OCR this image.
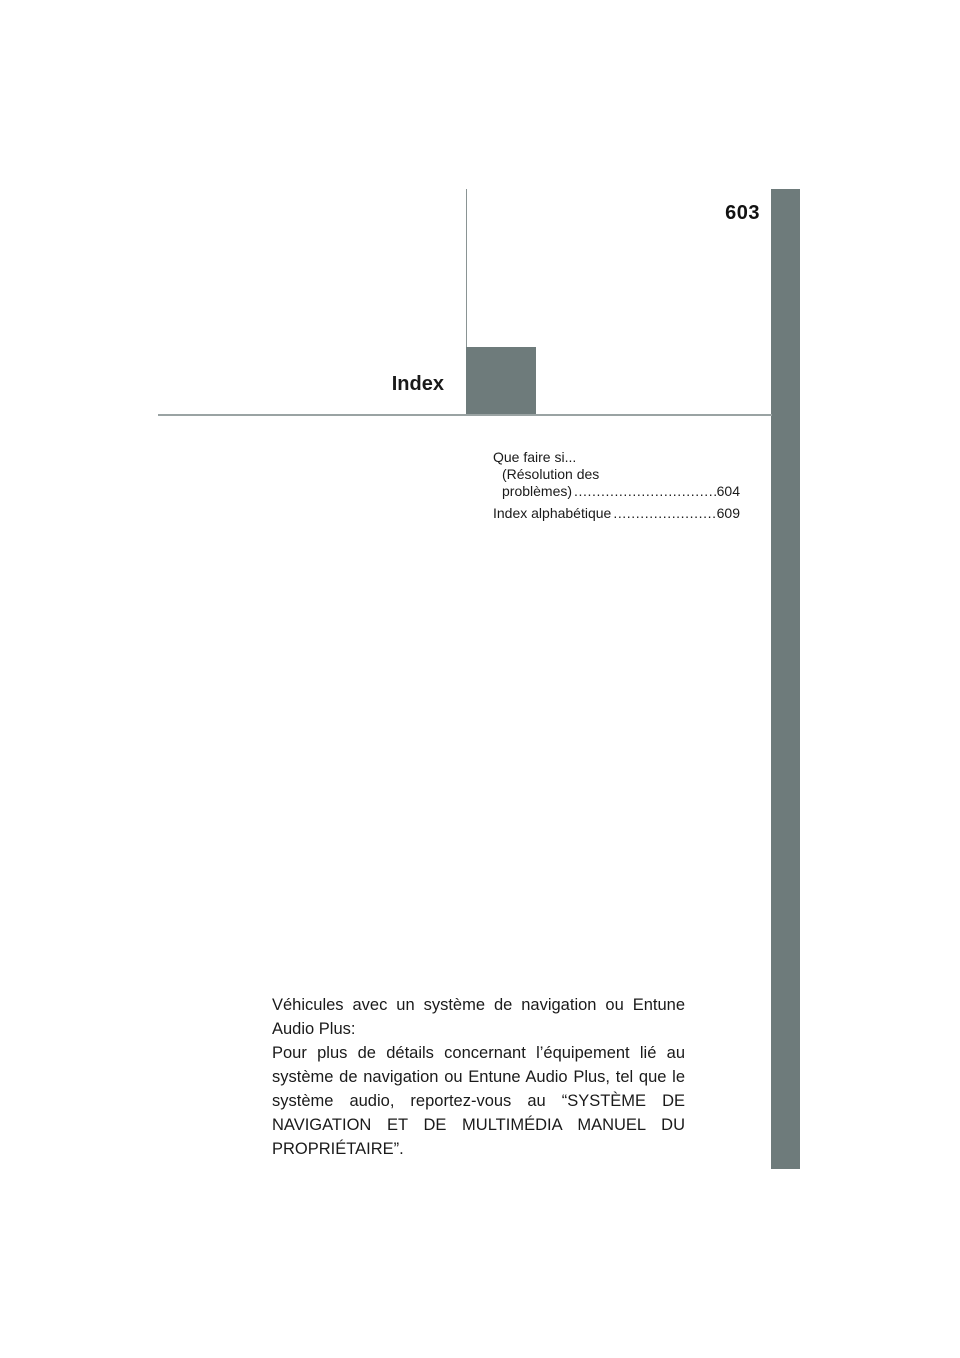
603
Index
Que faire si...
(Résolution des
problèmes) .....	604
Index alphabétique .....	609

Véhicules avec un système de navigation ou Entune Audio Plus:

Pour plus de détails concernant l’équipement lié au système de navigation ou Entune Audio Plus, tel que le système audio, reportez-vous au “SYSTÈME DE NAVIGATION ET DE MULTIMÉDIA MANUEL DU PROPRIÉTAIRE”.
